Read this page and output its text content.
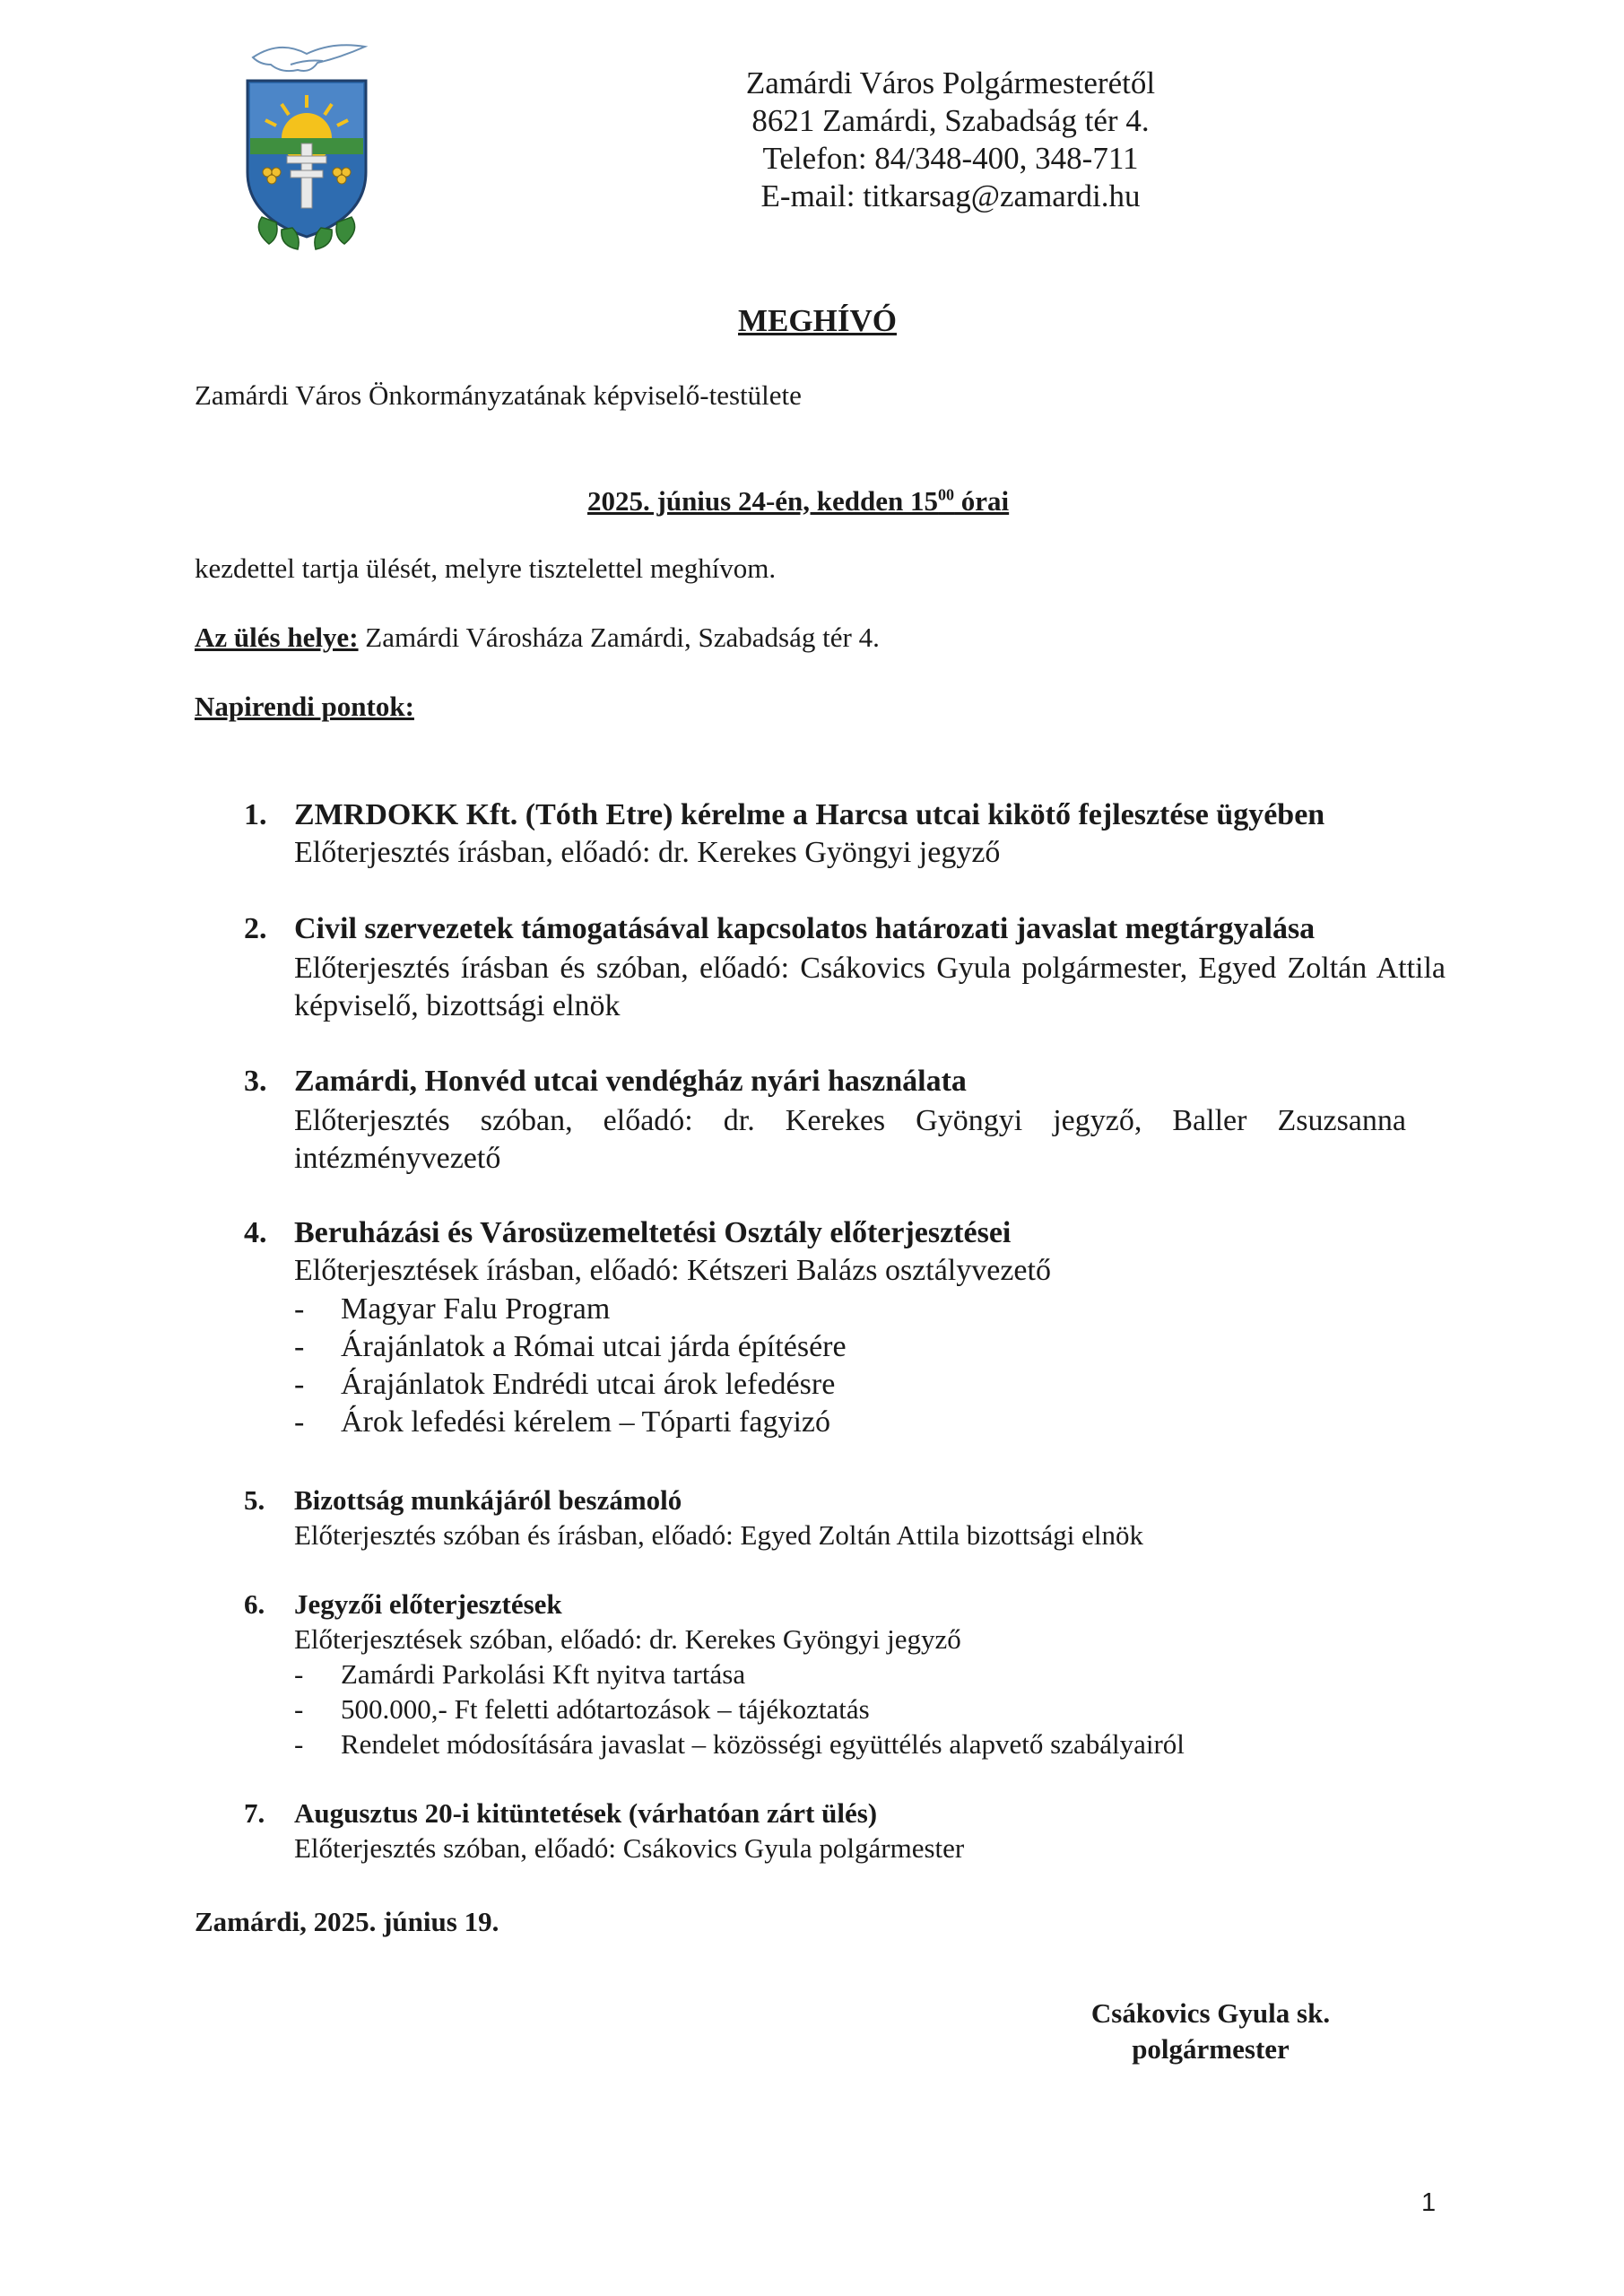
Zamárdi Város Polgármesterétől
8621 Zamárdi, Szabadság tér 4.
Telefon: 84/348-400, 348-711
E-mail: titkarsag@zamardi.hu
MEGHÍVÓ
Zamárdi Város Önkormányzatának képviselő-testülete
2025. június 24-én, kedden $15^{00}$ órai
kezdettel tartja ülését, melyre tisztelettel meghívom.
Az ülés helye: Zamárdi Városháza Zamárdi, Szabadság tér 4.
Napirendi pontok:
1. ZMRDOKK Kft. (Tóth Etre) kérelme a Harcsa utcai kikötő fejlesztése ügyében
Előterjesztés írásban, előadó: dr. Kerekes Gyöngyi jegyző
2. Civil szervezetek támogatásával kapcsolatos határozati javaslat megtárgyalása
Előterjesztés írásban és szóban, előadó: Csákovics Gyula polgármester, Egyed Zoltán Attila képviselő, bizottsági elnök
3. Zamárdi, Honvéd utcai vendégház nyári használata
Előterjesztés szóban, előadó: dr. Kerekes Gyöngyi jegyző, Baller Zsuzsanna intézményvezető
4. Beruházási és Városüzemeltetési Osztály előterjesztései
Előterjesztések írásban, előadó: Kétszeri Balázs osztályvezető
- Magyar Falu Program
- Árajánlatok a Római utcai járda építésére
- Árajánlatok Endrédi utcai árok lefedésre
- Árok lefedési kérelem – Tóparti fagyizó
5. Bizottság munkájáról beszámoló
Előterjesztés szóban és írásban, előadó: Egyed Zoltán Attila bizottsági elnök
6. Jegyzői előterjesztések
Előterjesztések szóban, előadó: dr. Kerekes Gyöngyi jegyző
- Zamárdi Parkolási Kft nyitva tartása
- 500.000,- Ft feletti adótartozások – tájékoztatás
- Rendelet módosítására javaslat – közösségi együttélés alapvető szabályairól
7. Augusztus 20-i kitüntetések (várhatóan zárt ülés)
Előterjesztés szóban, előadó: Csákovics Gyula polgármester
Zamárdi, 2025. június 19.
Csákovics Gyula sk.
polgármester
1
